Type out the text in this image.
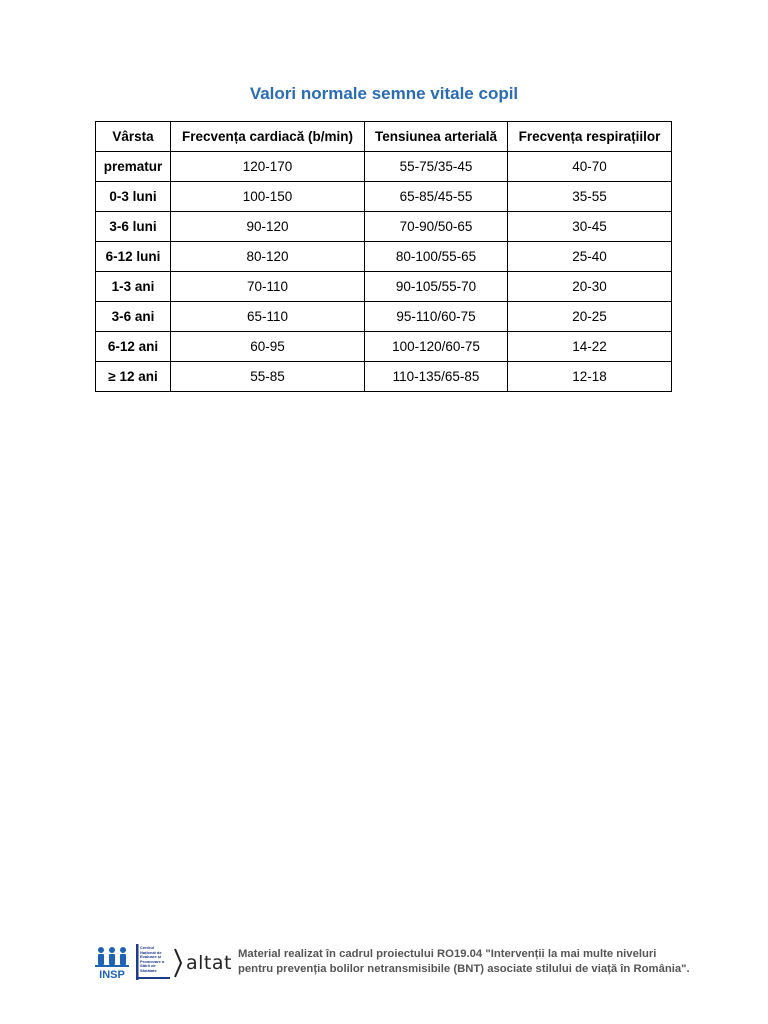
Valori normale semne vitale copil
Vârsta	Frecvența cardiacă (b/min)	Tensiunea arterială	Frecvența respirațiilor
prematur	120-170	55-75/35-45	40-70
0-3 luni	100-150	65-85/45-55	35-55
3-6 luni	90-120	70-90/50-65	30-45
6-12 luni	80-120	80-100/55-65	25-40
1-3 ani	70-110	90-105/55-70	20-30
3-6 ani	65-110	95-110/60-75	20-25
6-12 ani	60-95	100-120/60-75	14-22
≥ 12 ani	55-85	110-135/65-85	12-18
INSP
Centrul Național de Evaluare și Promovare a Stării de Sănătate	altat Material realizat în cadrul proiectului RO19.04 "Intervenții la mai multe niveluri
pentru prevenția bolilor netransmisibile (BNT) asociate stilului de viață în România".
